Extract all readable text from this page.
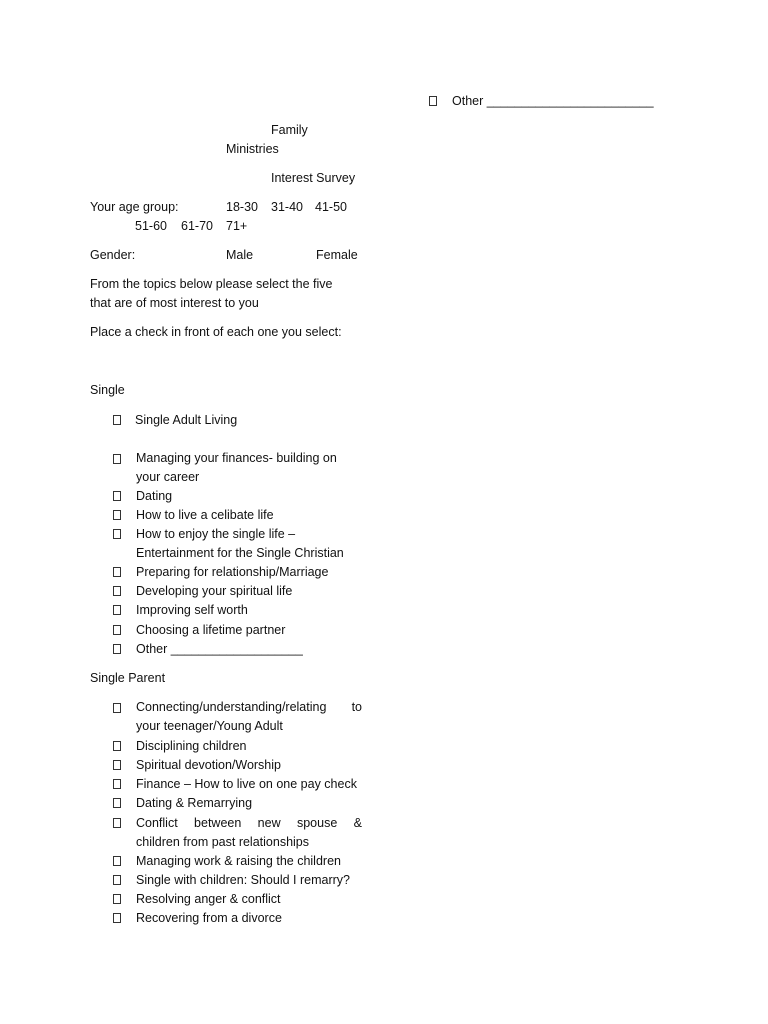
Other ________________________
Family
Ministries
Interest Survey
Your age group:	18-30 31-40 41-50
51-60 61-70 71+
Gender:	Male	Female
From the topics below please select the five
that are of most interest to you
Place a check in front of each one you select:
Single
Single Adult Living
Managing your finances- building on
your career
Dating
How to live a celibate life
How to enjoy the single life –
Entertainment for the Single Christian
Preparing for relationship/Marriage
Developing your spiritual life
Improving self worth
Choosing a lifetime partner
Other ___________________
Single Parent
Connecting/understanding/relating to
your teenager/Young Adult
Disciplining children
Spiritual devotion/Worship
Finance – How to live on one pay check
Dating & Remarrying
Conflict between new spouse &
children from past relationships
Managing work & raising the children
Single with children: Should I remarry?
Resolving anger & conflict
Recovering from a divorce
